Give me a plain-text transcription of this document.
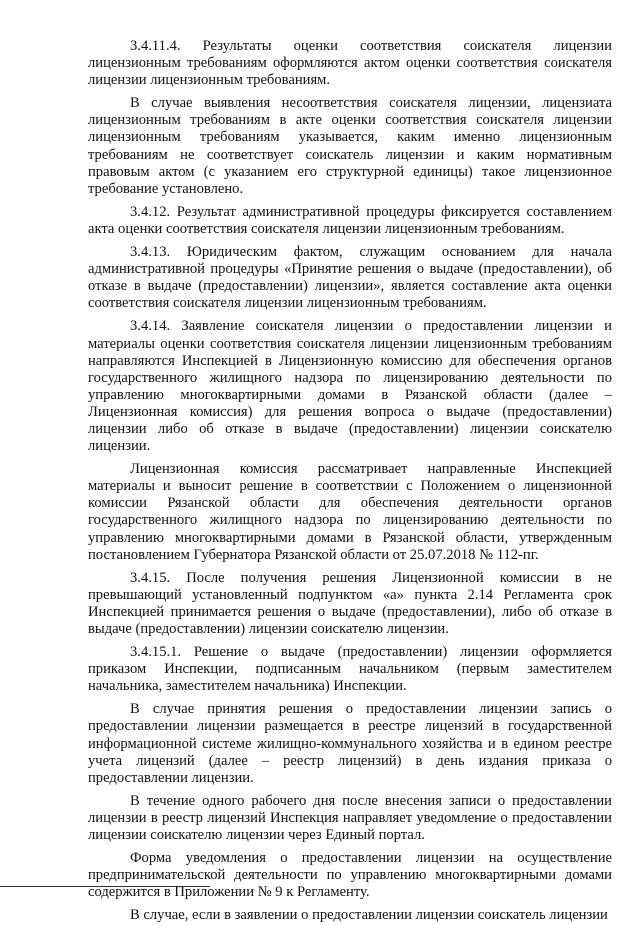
3.4.11.4. Результаты оценки соответствия соискателя лицензии лицензионным требованиям оформляются актом оценки соответствия соискателя лицензии лицензионным требованиям.

В случае выявления несоответствия соискателя лицензии, лицензиата лицензионным требованиям в акте оценки соответствия соискателя лицензии лицензионным требованиям указывается, каким именно лицензионным требованиям не соответствует соискатель лицензии и каким нормативным правовым актом (с указанием его структурной единицы) такое лицензионное требование установлено.

3.4.12. Результат административной процедуры фиксируется составлением акта оценки соответствия соискателя лицензии лицензионным требованиям.

3.4.13. Юридическим фактом, служащим основанием для начала административной процедуры «Принятие решения о выдаче (предоставлении), об отказе в выдаче (предоставлении) лицензии», является составление акта оценки соответствия соискателя лицензии лицензионным требованиям.

3.4.14. Заявление соискателя лицензии о предоставлении лицензии и материалы оценки соответствия соискателя лицензии лицензионным требованиям направляются Инспекцией в Лицензионную комиссию для обеспечения органов государственного жилищного надзора по лицензированию деятельности по управлению многоквартирными домами в Рязанской области (далее – Лицензионная комиссия) для решения вопроса о выдаче (предоставлении) лицензии либо об отказе в выдаче (предоставлении) лицензии соискателю лицензии.

Лицензионная комиссия рассматривает направленные Инспекцией материалы и выносит решение в соответствии с Положением о лицензионной комиссии Рязанской области для обеспечения деятельности органов государственного жилищного надзора по лицензированию деятельности по управлению многоквартирными домами в Рязанской области, утвержденным постановлением Губернатора Рязанской области от 25.07.2018 № 112-пг.

3.4.15. После получения решения Лицензионной комиссии в не превышающий установленный подпунктом «а» пункта 2.14 Регламента срок Инспекцией принимается решения о выдаче (предоставлении), либо об отказе в выдаче (предоставлении) лицензии соискателю лицензии.

3.4.15.1. Решение о выдаче (предоставлении) лицензии оформляется приказом Инспекции, подписанным начальником (первым заместителем начальника, заместителем начальника) Инспекции.

В случае принятия решения о предоставлении лицензии запись о предоставлении лицензии размещается в реестре лицензий в государственной информационной системе жилищно-коммунального хозяйства и в едином реестре учета лицензий (далее – реестр лицензий) в день издания приказа о предоставлении лицензии.

В течение одного рабочего дня после внесения записи о предоставлении лицензии в реестр лицензий Инспекция направляет уведомление о предоставлении лицензии соискателю лицензии через Единый портал.

Форма уведомления о предоставлении лицензии на осуществление предпринимательской деятельности по управлению многоквартирными домами содержится в Приложении № 9 к Регламенту.

В случае, если в заявлении о предоставлении лицензии соискатель лицензии
